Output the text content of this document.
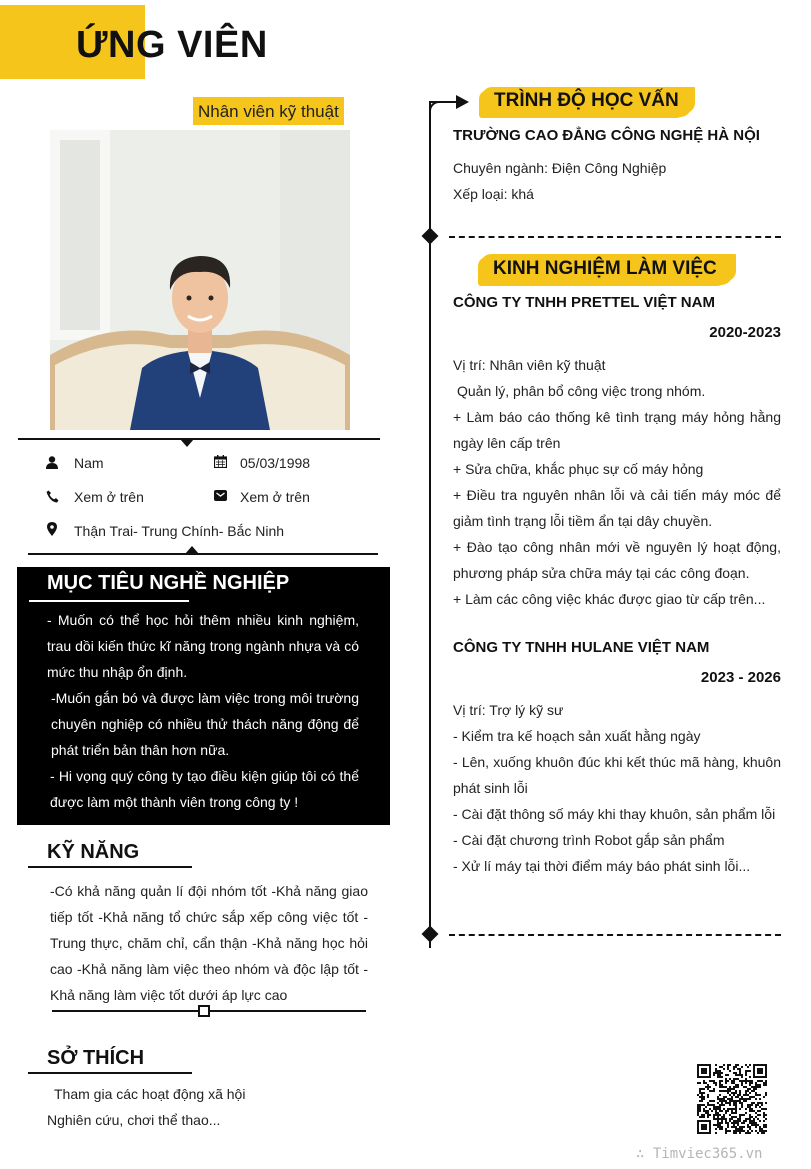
ỨNG VIÊN
Nhân viên kỹ thuật
Nam	05/03/1998
Xem ở trên	Xem ở trên
Thận Trai- Trung Chính- Bắc Ninh
MỤC TIÊU NGHỀ NGHIỆP
- Muốn có thể học hỏi thêm nhiều kinh nghiệm, trau dồi kiến thức kĩ năng trong ngành nhựa và có mức thu nhập ổn định.
-Muốn gắn bó và được làm việc trong môi trường chuyên nghiệp có nhiều thử thách năng động để phát triển bản thân hơn nữa.
- Hi vọng quý công ty tạo điều kiện giúp tôi có thể được làm một thành viên trong công ty !
KỸ NĂNG
-Có khả năng quản lí đội nhóm tốt -Khả năng giao tiếp tốt -Khả năng tổ chức sắp xếp công việc tốt -Trung thực, chăm chỉ, cẩn thận -Khả năng học hỏi cao -Khả năng làm việc theo nhóm và độc lập tốt -Khả năng làm việc tốt dưới áp lực cao
SỞ THÍCH
Tham gia các hoạt động xã hội
Nghiên cứu, chơi thể thao...
TRÌNH ĐỘ HỌC VẤN
TRƯỜNG CAO ĐẲNG CÔNG NGHỆ HÀ NỘI
Chuyên ngành: Điện Công Nghiệp
Xếp loại: khá
KINH NGHIỆM LÀM VIỆC
CÔNG TY TNHH PRETTEL VIỆT NAM
2020-2023
Vị trí: Nhân viên kỹ thuật
Quản lý, phân bổ công việc trong nhóm.
+ Làm báo cáo thống kê tình trạng máy hỏng hằng ngày lên cấp trên
+ Sửa chữa, khắc phục sự cố máy hỏng
+ Điều tra nguyên nhân lỗi và cải tiến máy móc để giảm tình trạng lỗi tiềm ẩn tại dây chuyền.
+ Đào tạo công nhân mới về nguyên lý hoạt động, phương pháp sửa chữa máy tại các công đoạn.
+ Làm các công việc khác được giao từ cấp trên...
CÔNG TY TNHH HULANE VIỆT NAM
2023 - 2026
Vị trí: Trợ lý kỹ sư
- Kiểm tra kế hoạch sản xuất hằng ngày
- Lên, xuống khuôn đúc khi kết thúc mã hàng, khuôn phát sinh lỗi
- Cài đặt thông số máy khi thay khuôn, sản phẩm lỗi
- Cài đặt chương trình Robot gắp sản phẩm
- Xử lí máy tại thời điểm máy báo phát sinh lỗi...
∴ Timviec365.vn
